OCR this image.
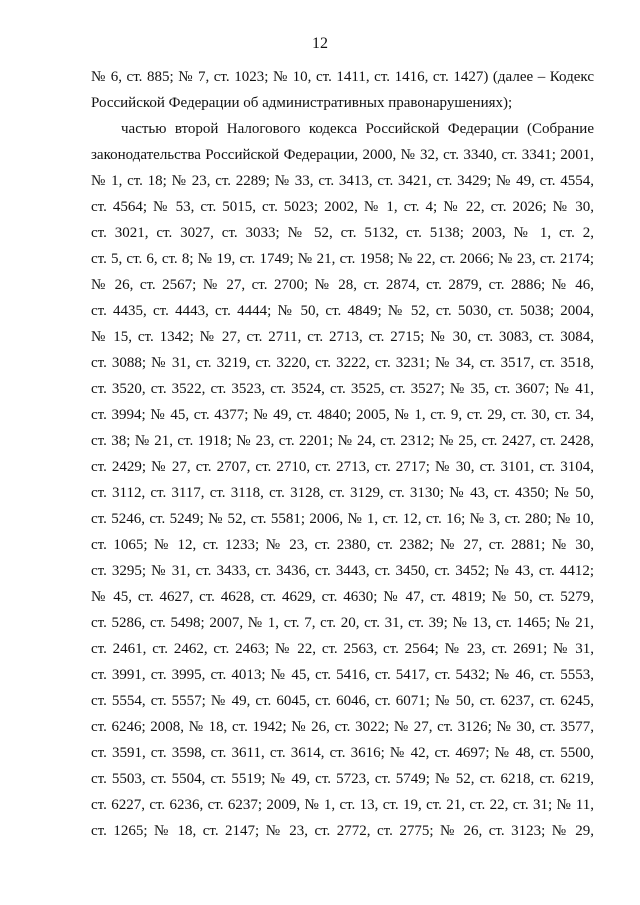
12
№ 6, ст. 885; № 7, ст. 1023; № 10, ст. 1411, ст. 1416, ст. 1427) (далее – Кодекс
Российской Федерации об административных правонарушениях);
частью второй Налогового кодекса Российской Федерации (Собрание
законодательства Российской Федерации, 2000, № 32, ст. 3340, ст. 3341; 2001,
№ 1, ст. 18; № 23, ст. 2289; № 33, ст. 3413, ст. 3421, ст. 3429; № 49, ст. 4554,
ст. 4564; № 53, ст. 5015, ст. 5023; 2002, № 1, ст. 4; № 22, ст. 2026; № 30,
ст. 3021, ст. 3027, ст. 3033; № 52, ст. 5132, ст. 5138; 2003, № 1, ст. 2,
ст. 5, ст. 6, ст. 8; № 19, ст. 1749; № 21, ст. 1958; № 22, ст. 2066; № 23, ст. 2174;
№ 26, ст. 2567; № 27, ст. 2700; № 28, ст. 2874, ст. 2879, ст. 2886; № 46,
ст. 4435, ст. 4443, ст. 4444; № 50, ст. 4849; № 52, ст. 5030, ст. 5038; 2004,
№ 15, ст. 1342; № 27, ст. 2711, ст. 2713, ст. 2715; № 30, ст. 3083, ст. 3084,
ст. 3088; № 31, ст. 3219, ст. 3220, ст. 3222, ст. 3231; № 34, ст. 3517, ст. 3518,
ст. 3520, ст. 3522, ст. 3523, ст. 3524, ст. 3525, ст. 3527; № 35, ст. 3607; № 41,
ст. 3994; № 45, ст. 4377; № 49, ст. 4840; 2005, № 1, ст. 9, ст. 29, ст. 30, ст. 34,
ст. 38; № 21, ст. 1918; № 23, ст. 2201; № 24, ст. 2312; № 25, ст. 2427, ст. 2428,
ст. 2429; № 27, ст. 2707, ст. 2710, ст. 2713, ст. 2717; № 30, ст. 3101, ст. 3104,
ст. 3112, ст. 3117, ст. 3118, ст. 3128, ст. 3129, ст. 3130; № 43, ст. 4350; № 50,
ст. 5246, ст. 5249; № 52, ст. 5581; 2006, № 1, ст. 12, ст. 16; № 3, ст. 280; № 10,
ст. 1065; № 12, ст. 1233; № 23, ст. 2380, ст. 2382; № 27, ст. 2881; № 30,
ст. 3295; № 31, ст. 3433, ст. 3436, ст. 3443, ст. 3450, ст. 3452; № 43, ст. 4412;
№ 45, ст. 4627, ст. 4628, ст. 4629, ст. 4630; № 47, ст. 4819; № 50, ст. 5279,
ст. 5286, ст. 5498; 2007, № 1, ст. 7, ст. 20, ст. 31, ст. 39; № 13, ст. 1465; № 21,
ст. 2461, ст. 2462, ст. 2463; № 22, ст. 2563, ст. 2564; № 23, ст. 2691; № 31,
ст. 3991, ст. 3995, ст. 4013; № 45, ст. 5416, ст. 5417, ст. 5432; № 46, ст. 5553,
ст. 5554, ст. 5557; № 49, ст. 6045, ст. 6046, ст. 6071; № 50, ст. 6237, ст. 6245,
ст. 6246; 2008, № 18, ст. 1942; № 26, ст. 3022; № 27, ст. 3126; № 30, ст. 3577,
ст. 3591, ст. 3598, ст. 3611, ст. 3614, ст. 3616; № 42, ст. 4697; № 48, ст. 5500,
ст. 5503, ст. 5504, ст. 5519; № 49, ст. 5723, ст. 5749; № 52, ст. 6218, ст. 6219,
ст. 6227, ст. 6236, ст. 6237; 2009, № 1, ст. 13, ст. 19, ст. 21, ст. 22, ст. 31; № 11,
ст. 1265; № 18, ст. 2147; № 23, ст. 2772, ст. 2775; № 26, ст. 3123; № 29,
